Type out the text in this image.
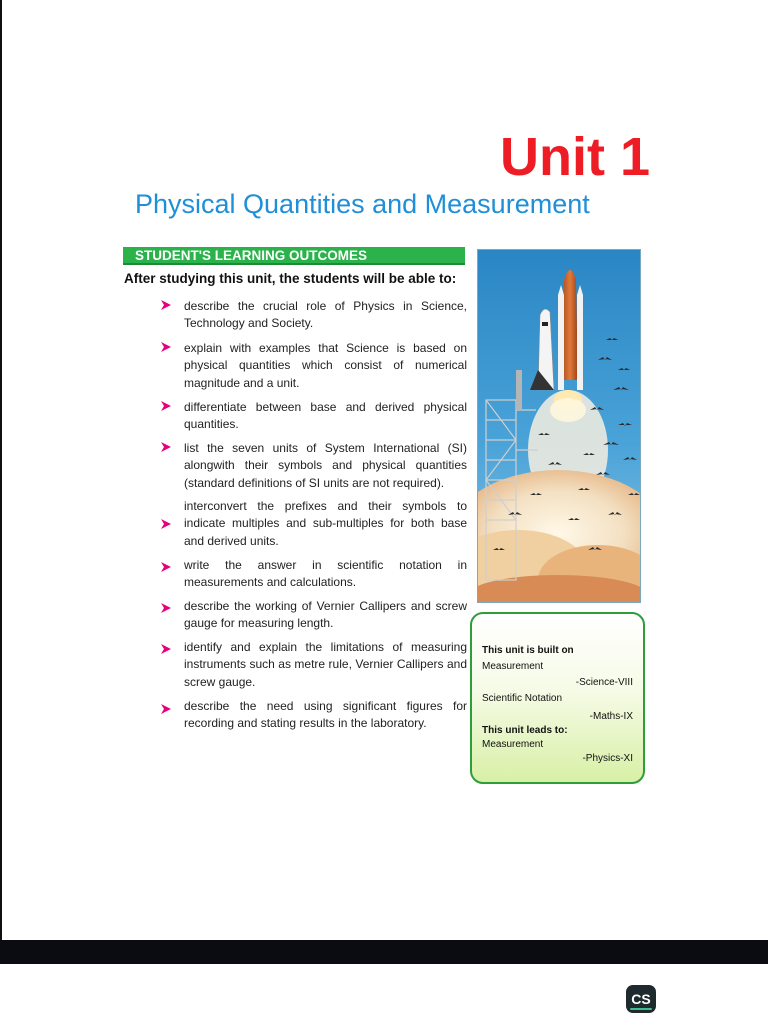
Unit 1
Physical Quantities and Measurement
STUDENT'S LEARNING OUTCOMES
After studying this unit, the students will be able to:
describe the crucial role of Physics in Science, Technology and Society.
explain with examples that Science is based on physical quantities which consist of numerical magnitude and a unit.
differentiate between base and derived physical quantities.
list the seven units of System International (SI) alongwith their symbols and physical quantities (standard definitions of SI units are not required).
interconvert the prefixes and their symbols to indicate multiples and sub-multiples for both base and derived units.
write the answer in scientific notation in measurements and calculations.
describe the working of Vernier Callipers and screw gauge for measuring length.
identify and explain the limitations of measuring instruments such as metre rule, Vernier Callipers and screw gauge.
describe the need using significant figures for recording and stating results in the laboratory.
This unit is built on
Measurement
-Science-VIII
Scientific Notation
-Maths-IX
This unit leads to:
Measurement
-Physics-XI
CS
